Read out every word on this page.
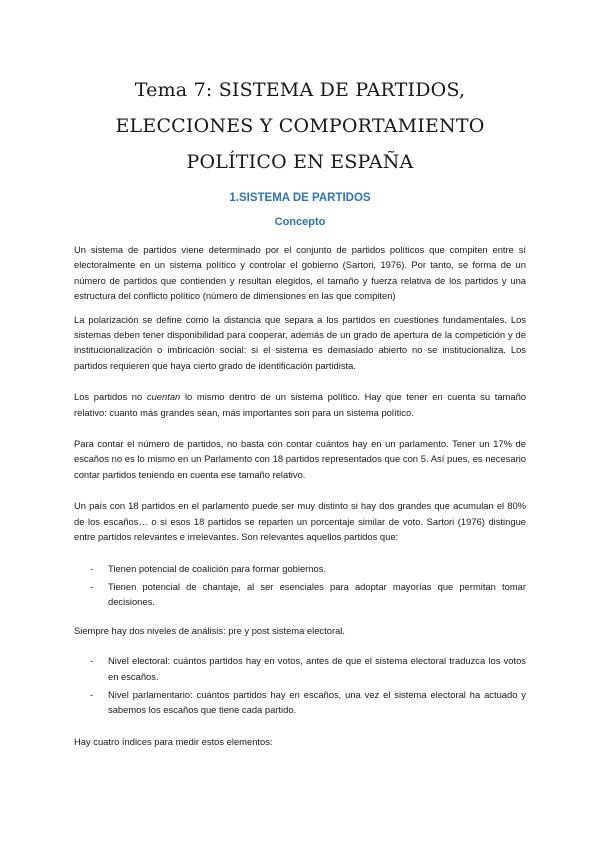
Tema 7: SISTEMA DE PARTIDOS, ELECCIONES Y COMPORTAMIENTO
POLÍTICO EN ESPAÑA
1.SISTEMA DE PARTIDOS
Concepto

Un sistema de partidos viene determinado por el conjunto de partidos políticos que compiten entre sí electoralmente en un sistema político y controlar el gobierno (Sartori, 1976). Por tanto, se forma de un número de partidos que contienden y resultan elegidos, el tamaño y fuerza relativa de los partidos y una estructura del conflicto político (número de dimensiones en las que compiten)

La polarización se define como la distancia que separa a los partidos en cuestiones fundamentales. Los sistemas deben tener disponibilidad para cooperar, además de un grado de apertura de la competición y de institucionalización o imbricación social: si el sistema es demasiado abierto no se institucionaliza. Los partidos requieren que haya cierto grado de identificación partidista.

Los partidos no cuentan lo mismo dentro de un sistema político. Hay que tener en cuenta su tamaño relativo: cuanto más grandes sean, más importantes son para un sistema político.

Para contar el número de partidos, no basta con contar cuántos hay en un parlamento. Tener un 17% de escaños no es lo mismo en un Parlamento con 18 partidos representados que con 5. Así pues, es necesario contar partidos teniendo en cuenta ese tamaño relativo.

Un país con 18 partidos en el parlamento puede ser muy distinto si hay dos grandes que acumulan el 80% de los escaños… o si esos 18 partidos se reparten un porcentaje similar de voto. Sartori (1976) distingue entre partidos relevantes e irrelevantes. Son relevantes aquellos partidos que:

- Tienen potencial de coalición para formar gobiernos.
- Tienen potencial de chantaje, al ser esenciales para adoptar mayorías que permitan tomar decisiones.

Siempre hay dos niveles de análisis: pre y post sistema electoral.

- Nivel electoral: cuántos partidos hay en votos, antes de que el sistema electoral traduzca los votos en escaños.
- Nivel parlamentario: cuántos partidos hay en escaños, una vez el sistema electoral ha actuado y sabemos los escaños que tiene cada partido.

Hay cuatro índices para medir estos elementos:
